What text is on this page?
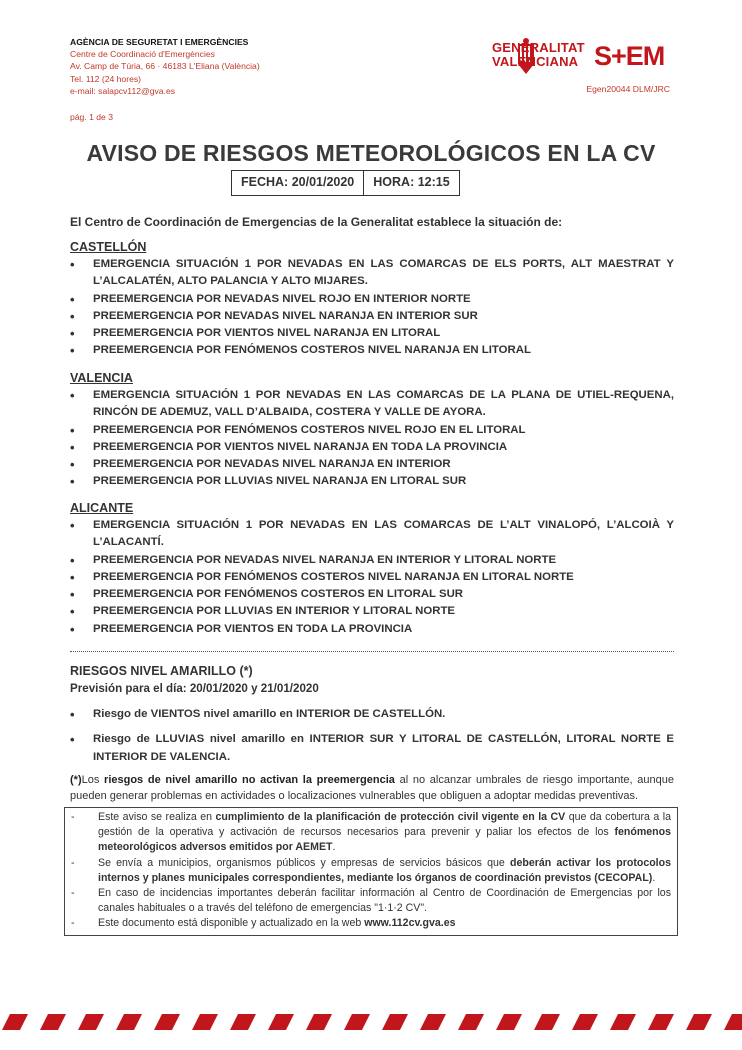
AGÈNCIA DE SEGURETAT I EMERGÈNCIES
Centre de Coordinació d'Emergències
Av. Camp de Túria, 66 · 46183 L'Eliana (València)
Tel. 112 (24 hores)
e-mail: salapcv112@gva.es
pág. 1 de 3
GENERALITAT
VALENCIANA S+EM
Egen20044 DLM/JRC
AVISO DE RIESGOS METEOROLÓGICOS EN LA CV
FECHA: 20/01/2020	HORA: 12:15
El Centro de Coordinación de Emergencias de la Generalitat establece la situación de:
CASTELLÓN
• EMERGENCIA SITUACIÓN 1 POR NEVADAS EN LAS COMARCAS DE ELS PORTS, ALT MAESTRAT Y L’ALCALATÉN, ALTO PALANCIA Y ALTO MIJARES.
• PREEMERGENCIA POR NEVADAS NIVEL ROJO EN INTERIOR NORTE
• PREEMERGENCIA POR NEVADAS NIVEL NARANJA EN INTERIOR SUR
• PREEMERGENCIA POR VIENTOS NIVEL NARANJA EN LITORAL
• PREEMERGENCIA POR FENÓMENOS COSTEROS NIVEL NARANJA EN LITORAL
VALENCIA
• EMERGENCIA SITUACIÓN 1 POR NEVADAS EN LAS COMARCAS DE LA PLANA DE UTIEL-REQUENA, RINCÓN DE ADEMUZ, VALL D’ALBAIDA, COSTERA Y VALLE DE AYORA.
• PREEMERGENCIA POR FENÓMENOS COSTEROS NIVEL ROJO EN EL LITORAL
• PREEMERGENCIA POR VIENTOS NIVEL NARANJA EN TODA LA PROVINCIA
• PREEMERGENCIA POR NEVADAS NIVEL NARANJA EN INTERIOR
• PREEMERGENCIA POR LLUVIAS NIVEL NARANJA EN LITORAL SUR
ALICANTE
• EMERGENCIA SITUACIÓN 1 POR NEVADAS EN LAS COMARCAS DE L’ALT VINALOPÓ, L’ALCOIÀ Y L’ALACANTÍ.
• PREEMERGENCIA POR NEVADAS NIVEL NARANJA EN INTERIOR Y LITORAL NORTE
• PREEMERGENCIA POR FENÓMENOS COSTEROS NIVEL NARANJA EN LITORAL NORTE
• PREEMERGENCIA POR FENÓMENOS COSTEROS EN LITORAL SUR
• PREEMERGENCIA POR LLUVIAS EN INTERIOR Y LITORAL NORTE
• PREEMERGENCIA POR VIENTOS EN TODA LA PROVINCIA
RIESGOS NIVEL AMARILLO (*)
Previsión para el día: 20/01/2020 y 21/01/2020
• Riesgo de VIENTOS nivel amarillo en INTERIOR DE CASTELLÓN.
• Riesgo de LLUVIAS nivel amarillo en INTERIOR SUR Y LITORAL DE CASTELLÓN, LITORAL NORTE E INTERIOR DE VALENCIA.
(*)Los riesgos de nivel amarillo no activan la preemergencia al no alcanzar umbrales de riesgo importante, aunque pueden generar problemas en actividades o localizaciones vulnerables que obliguen a adoptar medidas preventivas.
- Este aviso se realiza en cumplimiento de la planificación de protección civil vigente en la CV que da cobertura a la gestión de la operativa y activación de recursos necesarios para prevenir y paliar los efectos de los fenómenos meteorológicos adversos emitidos por AEMET.
- Se envía a municipios, organismos públicos y empresas de servicios básicos que deberán activar los protocolos internos y planes municipales correspondientes, mediante los órganos de coordinación previstos (CECOPAL).
- En caso de incidencias importantes deberán facilitar información al Centro de Coordinación de Emergencias por los canales habituales o a través del teléfono de emergencias "1·1·2 CV".
- Este documento está disponible y actualizado en la web www.112cv.gva.es
